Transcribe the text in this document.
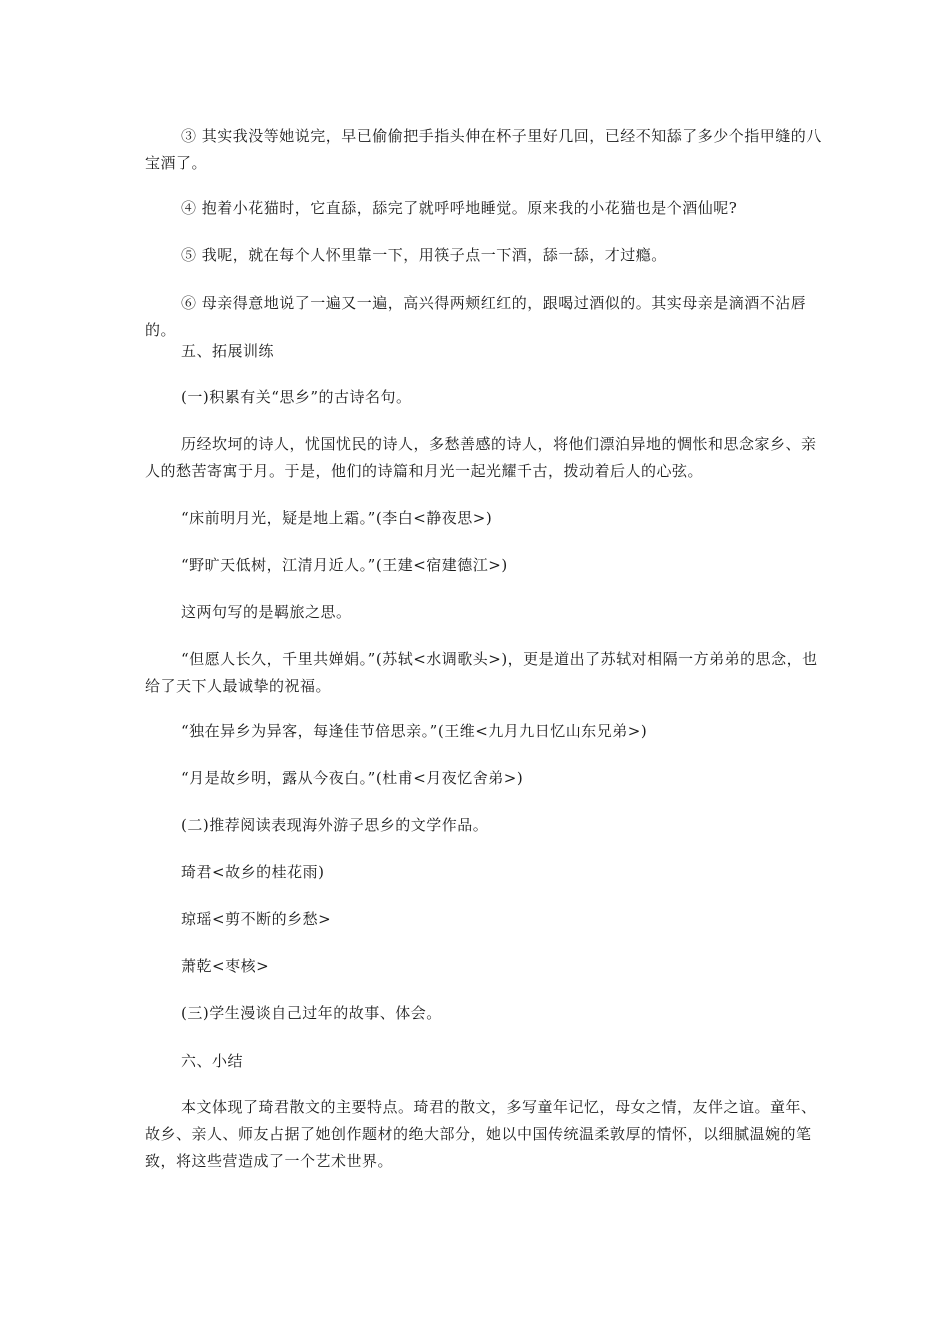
③ 其实我没等她说完，早已偷偷把手指头伸在杯子里好几回，已经不知舔了多少个指甲缝的八宝酒了。

④ 抱着小花猫时，它直舔，舔完了就呼呼地睡觉。原来我的小花猫也是个酒仙呢?

⑤ 我呢，就在每个人怀里靠一下，用筷子点一下酒，舔一舔，才过瘾。

⑥ 母亲得意地说了一遍又一遍，高兴得两颊红红的，跟喝过酒似的。其实母亲是滴酒不沾唇的。

五、拓展训练

(一)积累有关“思乡”的古诗名句。

历经坎坷的诗人，忧国忧民的诗人，多愁善感的诗人，将他们漂泊异地的惆怅和思念家乡、亲人的愁苦寄寓于月。于是，他们的诗篇和月光一起光耀千古，拨动着后人的心弦。

“床前明月光，疑是地上霜。”(李白<静夜思>)

“野旷天低树，江清月近人。”(王建<宿建德江>)

这两句写的是羁旅之思。

“但愿人长久，千里共婵娟。”(苏轼<水调歌头>)，更是道出了苏轼对相隔一方弟弟的思念，也给了天下人最诚挚的祝福。

“独在异乡为异客，每逢佳节倍思亲。”(王维<九月九日忆山东兄弟>)

“月是故乡明，露从今夜白。”(杜甫<月夜忆舍弟>)

(二)推荐阅读表现海外游子思乡的文学作品。

琦君<故乡的桂花雨)

琼瑶<剪不断的乡愁>

萧乾<枣核>

(三)学生漫谈自己过年的故事、体会。

六、小结

本文体现了琦君散文的主要特点。琦君的散文，多写童年记忆，母女之情，友伴之谊。童年、故乡、亲人、师友占据了她创作题材的绝大部分，她以中国传统温柔敦厚的情怀，以细腻温婉的笔致，将这些营造成了一个艺术世界。
